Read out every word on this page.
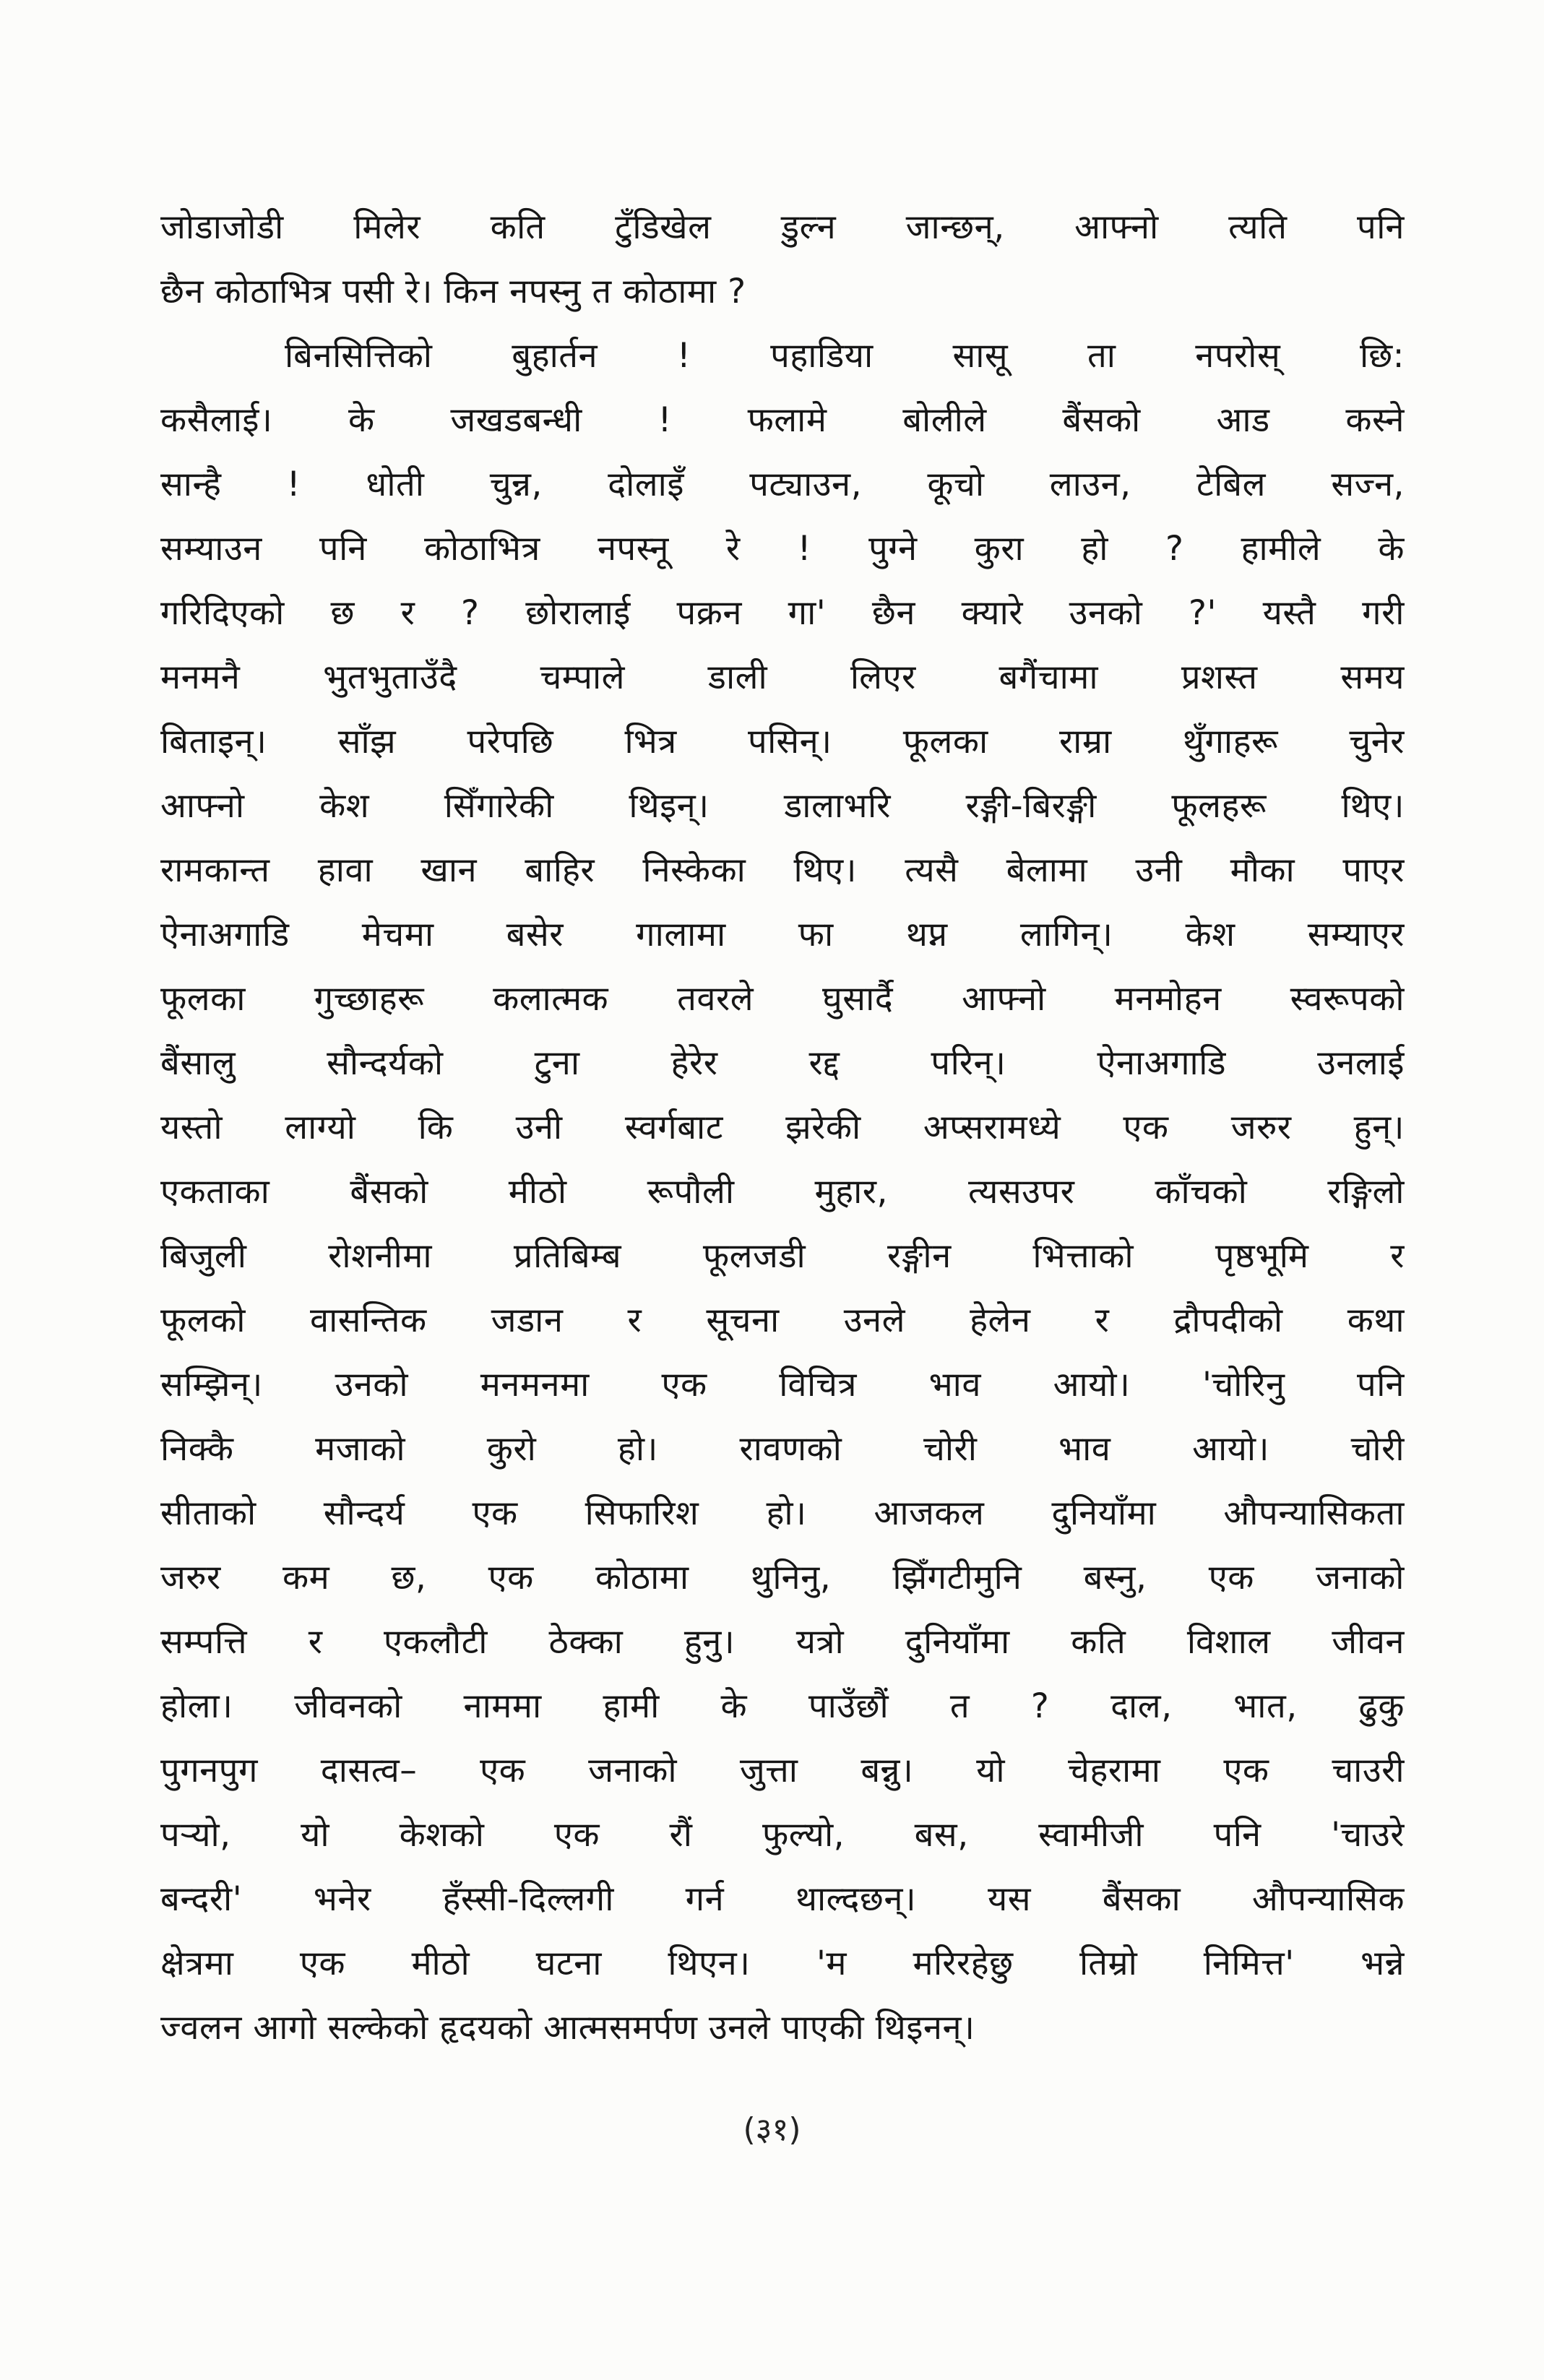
जोडाजोडी मिलेर कति टुँडिखेल डुल्न जान्छन्, आफ्नो त्यति पनि
छैन कोठाभित्र पसी रे। किन नपस्नु त कोठामा ?
बिनसित्तिको बुहार्तन ! पहाडिया सासू ता नपरोस् छि:
कसैलाई। के जखडबन्धी ! फलामे बोलीले बैंसको आड कस्ने
सान्है ! धोती चुन्न, दोलाइँ पट्याउन, कूचो लाउन, टेबिल सज्न,
सम्याउन पनि कोठाभित्र नपस्नू रे ! पुग्ने कुरा हो ? हामीले के
गरिदिएको छ र ? छोरालाई पक्रन गा' छैन क्यारे उनको ?' यस्तै गरी
मनमनै भुतभुताउँदै चम्पाले डाली लिएर बगैंचामा प्रशस्त समय
बिताइन्। साँझ परेपछि भित्र पसिन्। फूलका राम्रा थुँगाहरू चुनेर
आफ्नो केश सिँगारेकी थिइन्। डालाभरि रङ्गी-बिरङ्गी फूलहरू थिए।
रामकान्त हावा खान बाहिर निस्केका थिए। त्यसै बेलामा उनी मौका पाएर
ऐनाअगाडि मेचमा बसेर गालामा फा थप्न लागिन्। केश सम्याएर
फूलका गुच्छाहरू कलात्मक तवरले घुसार्दै आफ्नो मनमोहन स्वरूपको
बैंसालु सौन्दर्यको टुना हेरेर रद्द परिन्। ऐनाअगाडि उनलाई
यस्तो लाग्यो कि उनी स्वर्गबाट झरेकी अप्सरामध्ये एक जरुर हुन्।
एकताका बैंसको मीठो रूपौली मुहार, त्यसउपर काँचको रङ्गिलो
बिजुली रोशनीमा प्रतिबिम्ब फूलजडी रङ्गीन भित्ताको पृष्ठभूमि र
फूलको वासन्तिक जडान र सूचना उनले हेलेन र द्रौपदीको कथा
सम्झिन्। उनको मनमनमा एक विचित्र भाव आयो। 'चोरिनु पनि
निक्कै मजाको कुरो हो। रावणको चोरी भाव आयो। चोरी
सीताको सौन्दर्य एक सिफारिश हो। आजकल दुनियाँमा औपन्यासिकता
जरुर कम छ, एक कोठामा थुनिनु, झिँगटीमुनि बस्नु, एक जनाको
सम्पत्ति र एकलौटी ठेक्का हुनु। यत्रो दुनियाँमा कति विशाल जीवन
होला। जीवनको नाममा हामी के पाउँछौं त ? दाल, भात, ढुकु
पुगनपुग दासत्व– एक जनाको जुत्ता बन्नु। यो चेहरामा एक चाउरी
पर्‍यो, यो केशको एक रौं फुल्यो, बस, स्वामीजी पनि 'चाउरे
बन्दरी' भनेर हँस्सी-दिल्लगी गर्न थाल्दछन्। यस बैंसका औपन्यासिक
क्षेत्रमा एक मीठो घटना थिएन। 'म मरिरहेछु तिम्रो निमित्त' भन्ने
ज्वलन आगो सल्केको हृदयको आत्मसमर्पण उनले पाएकी थिइनन्।
(३१)
